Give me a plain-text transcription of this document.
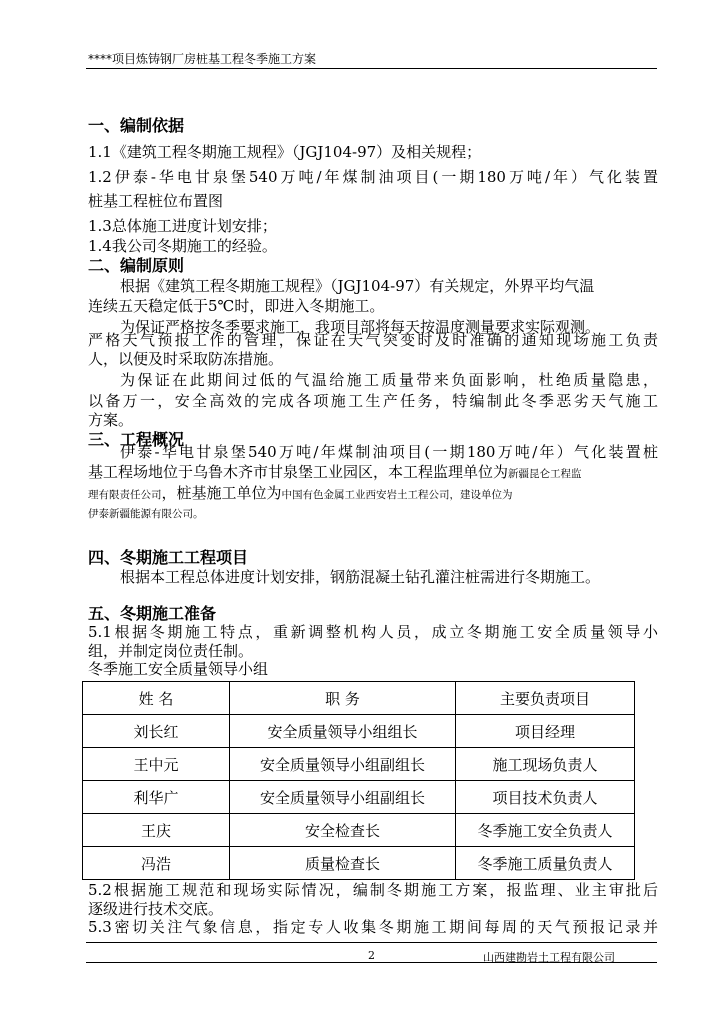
****项目炼铸钢厂房桩基工程冬季施工方案
一、编制依据
1.1《建筑工程冬期施工规程》（JGJ104-97）及相关规程；
1.2伊泰-华电甘泉堡540万吨/年煤制油项目(一期180万吨/年）气化装置
桩基工程桩位布置图
1.3总体施工进度计划安排；
1.4我公司冬期施工的经验。
二、编制原则
根据《建筑工程冬期施工规程》（JGJ104-97）有关规定，外界平均气温
连续五天稳定低于5℃时，即进入冬期施工。
为保证严格按冬季要求施工，我项目部将每天按温度测量要求实际观测。
严格天气预报工作的管理，保证在天气突变时及时准确的通知现场施工负责
人，以便及时采取防冻措施。
为保证在此期间过低的气温给施工质量带来负面影响，杜绝质量隐患，
以备万一，安全高效的完成各项施工生产任务，特编制此冬季恶劣天气施工
方案。
三、工程概况
伊泰-华电甘泉堡540万吨/年煤制油项目(一期180万吨/年）气化装置桩
基工程场地位于乌鲁木齐市甘泉堡工业园区，本工程监理单位为新疆昆仑工程监
理有限责任公司，桩基施工单位为中国有色金属工业西安岩土工程公司，建设单位为
伊泰新疆能源有限公司。
四、冬期施工工程项目
根据本工程总体进度计划安排，钢筋混凝土钻孔灌注桩需进行冬期施工。
五、冬期施工准备
5.1根据冬期施工特点，重新调整机构人员，成立冬期施工安全质量领导小
组，并制定岗位责任制。
冬季施工安全质量领导小组
姓 名	职 务	主要负责项目
刘长红	安全质量领导小组组长	项目经理
王中元	安全质量领导小组副组长	施工现场负责人
利华广	安全质量领导小组副组长	项目技术负责人
王庆	安全检查长	冬季施工安全负责人
冯浩	质量检查长	冬季施工质量负责人
5.2根据施工规范和现场实际情况，编制冬期施工方案，报监理、业主审批后
逐级进行技术交底。
5.3密切关注气象信息，指定专人收集冬期施工期间每周的天气预报记录并
2	山西建勘岩土工程有限公司
